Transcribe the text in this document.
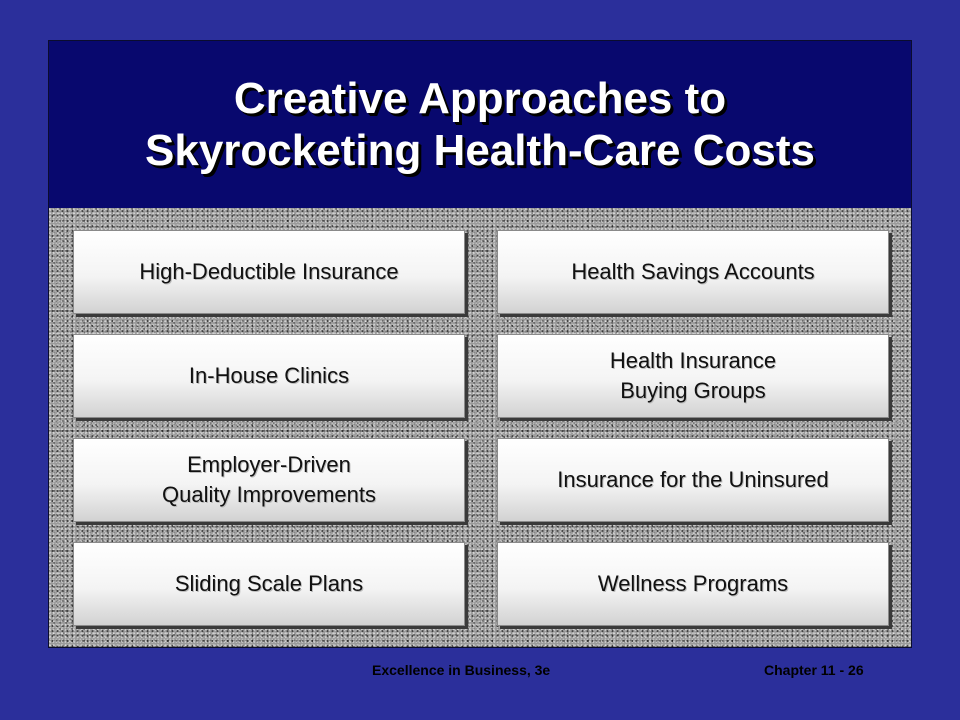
Creative Approaches to
Skyrocketing Health-Care Costs
High-Deductible Insurance	Health Savings Accounts
In-House Clinics
Health Insurance
Buying Groups
Employer-Driven
Quality Improvements
Insurance for the Uninsured
Sliding Scale Plans	Wellness Programs
Excellence in Business, 3e	Chapter 11 - 26
